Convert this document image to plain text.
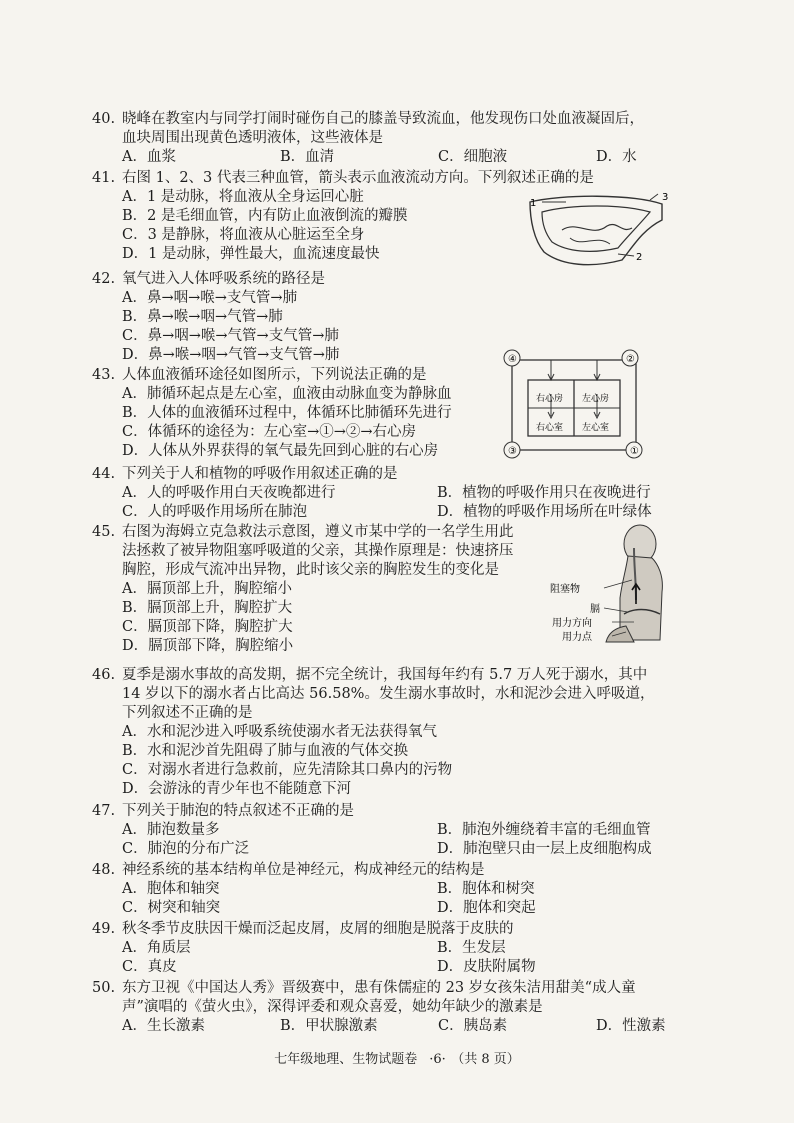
40. 晓峰在教室内与同学打闹时碰伤自己的膝盖导致流血，他发现伤口处血液凝固后，
血块周围出现黄色透明液体，这些液体是
A．血浆	B．血清	C．细胞液	D．水
41. 右图 1、2、3 代表三种血管，箭头表示血液流动方向。下列叙述正确的是
A．1 是动脉，将血液从全身运回心脏
B．2 是毛细血管，内有防止血液倒流的瓣膜
C．3 是静脉，将血液从心脏运至全身
D．1 是动脉，弹性最大，血流速度最快
1
3
2
42. 氧气进入人体呼吸系统的路径是
A．鼻→咽→喉→支气管→肺
B．鼻→喉→咽→气管→肺
C．鼻→咽→喉→气管→支气管→肺
D．鼻→喉→咽→气管→支气管→肺
43. 人体血液循环途径如图所示，下列说法正确的是
A．肺循环起点是左心室，血液由动脉血变为静脉血
B．人体的血液循环过程中，体循环比肺循环先进行
C．体循环的途径为：左心室→①→②→右心房
D．人体从外界获得的氧气最先回到心脏的右心房
④	②
③	①
右心房 左心房
右心室 左心室
44. 下列关于人和植物的呼吸作用叙述正确的是
A．人的呼吸作用白天夜晚都进行	B．植物的呼吸作用只在夜晚进行
C．人的呼吸作用场所在肺泡	D．植物的呼吸作用场所在叶绿体
45. 右图为海姆立克急救法示意图，遵义市某中学的一名学生用此
法拯救了被异物阻塞呼吸道的父亲，其操作原理是：快速挤压
胸腔，形成气流冲出异物，此时该父亲的胸腔发生的变化是
A．膈顶部上升，胸腔缩小
B．膈顶部上升，胸腔扩大
C．膈顶部下降，胸腔扩大
D．膈顶部下降，胸腔缩小
阻塞物
膈
用力方向
用力点
46. 夏季是溺水事故的高发期，据不完全统计，我国每年约有 5.7 万人死于溺水，其中
14 岁以下的溺水者占比高达 56.58%。发生溺水事故时，水和泥沙会进入呼吸道，
下列叙述不正确的是
A．水和泥沙进入呼吸系统使溺水者无法获得氧气
B．水和泥沙首先阻碍了肺与血液的气体交换
C．对溺水者进行急救前，应先清除其口鼻内的污物
D．会游泳的青少年也不能随意下河
47. 下列关于肺泡的特点叙述不正确的是
A．肺泡数量多	B．肺泡外缠绕着丰富的毛细血管
C．肺泡的分布广泛	D．肺泡壁只由一层上皮细胞构成
48. 神经系统的基本结构单位是神经元，构成神经元的结构是
A．胞体和轴突	B．胞体和树突
C．树突和轴突	D．胞体和突起
49. 秋冬季节皮肤因干燥而泛起皮屑，皮屑的细胞是脱落于皮肤的
A．角质层	B．生发层
C．真皮	D．皮肤附属物
50. 东方卫视《中国达人秀》晋级赛中，患有侏儒症的 23 岁女孩朱洁用甜美“成人童
声”演唱的《萤火虫》，深得评委和观众喜爱，她幼年缺少的激素是
A．生长激素	B．甲状腺激素	C．胰岛素	D．性激素
七年级地理、生物试题卷 ·6· （共 8 页）
